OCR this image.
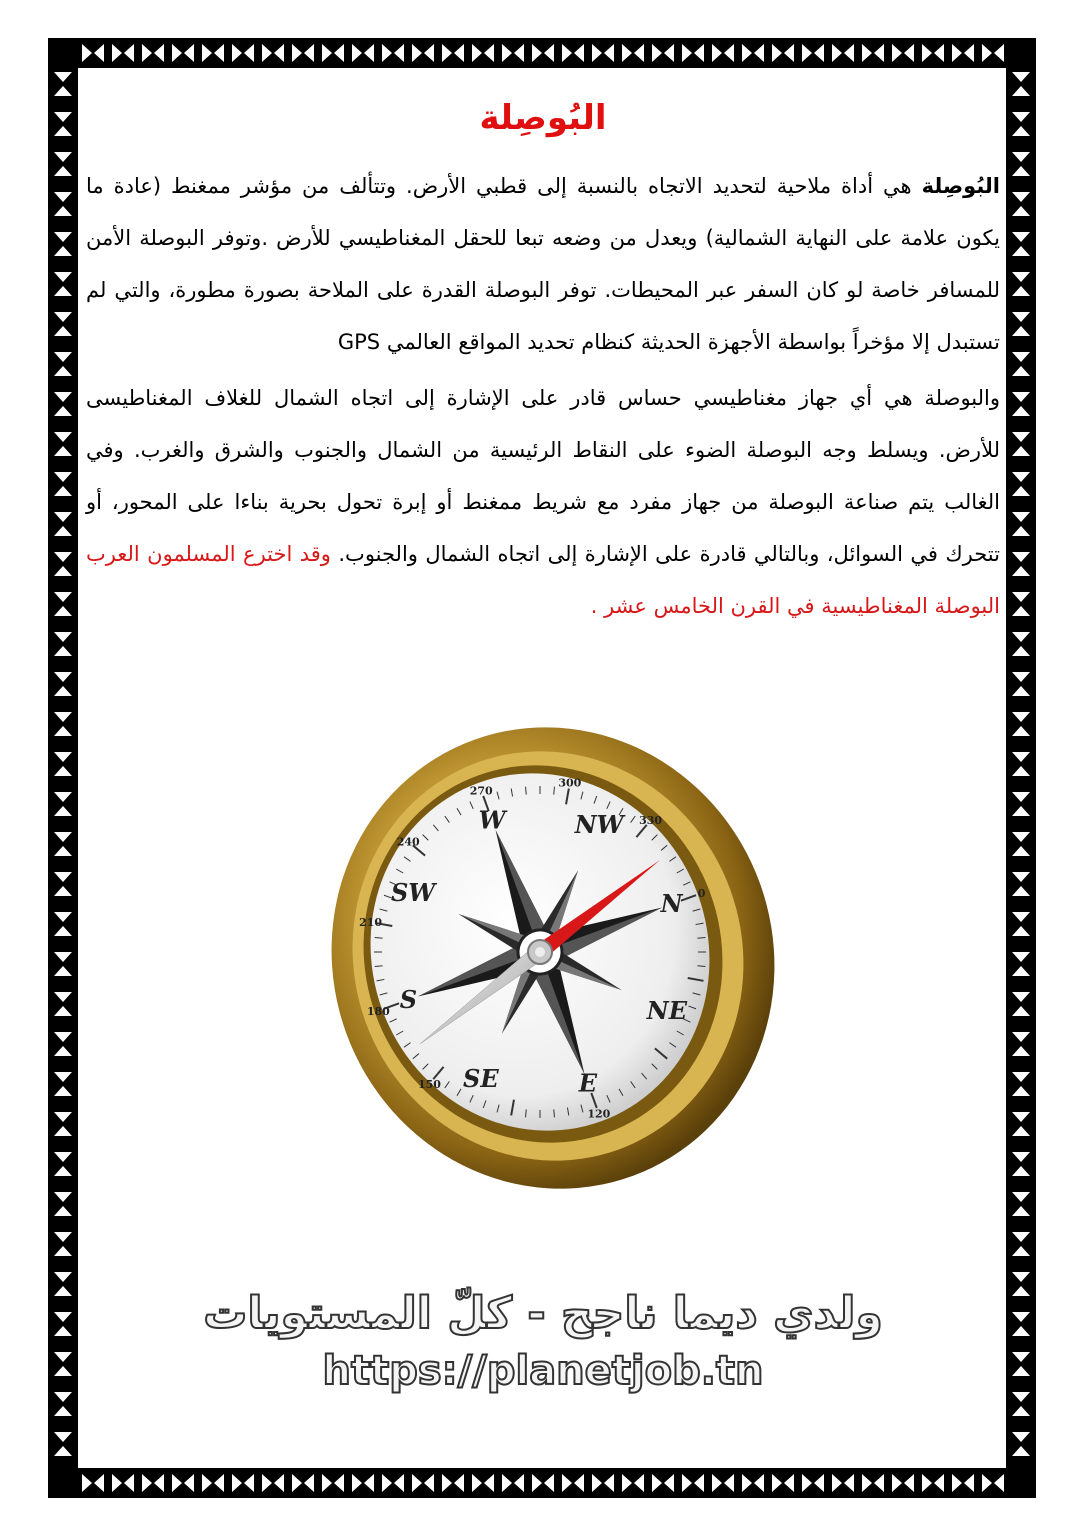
البُوصِلة

البُوصِلة هي أداة ملاحية لتحديد الاتجاه بالنسبة إلى قطبي الأرض. وتتألف من مؤشر ممغنط (عادة ما يكون علامة على النهاية الشمالية) ويعدل من وضعه تبعا للحقل المغناطيسي للأرض .وتوفر البوصلة الأمن للمسافر خاصة لو كان السفر عبر المحيطات. توفر البوصلة القدرة على الملاحة بصورة مطورة، والتي لم تستبدل إلا مؤخراً بواسطة الأجهزة الحديثة كنظام تحديد المواقع العالمي GPS

والبوصلة هي أي جهاز مغناطيسي حساس قادر على الإشارة إلى اتجاه الشمال للغلاف المغناطيسى للأرض. ويسلط وجه البوصلة الضوء على النقاط الرئيسية من الشمال والجنوب والشرق والغرب. وفي الغالب يتم صناعة البوصلة من جهاز مفرد مع شريط ممغنط أو إبرة تحول بحرية بناءا على المحور، أو تتحرك في السوائل، وبالتالي قادرة على الإشارة إلى اتجاه الشمال والجنوب. وقد اخترع المسلمون العرب البوصلة المغناطيسية في القرن الخامس عشر .

N
NE
E
SE
S
SW
W	NW
0
330
300
270
240
210
180
150
120
ولدي ديما ناجح - كلّ المستويات
https://planetjob.tn
